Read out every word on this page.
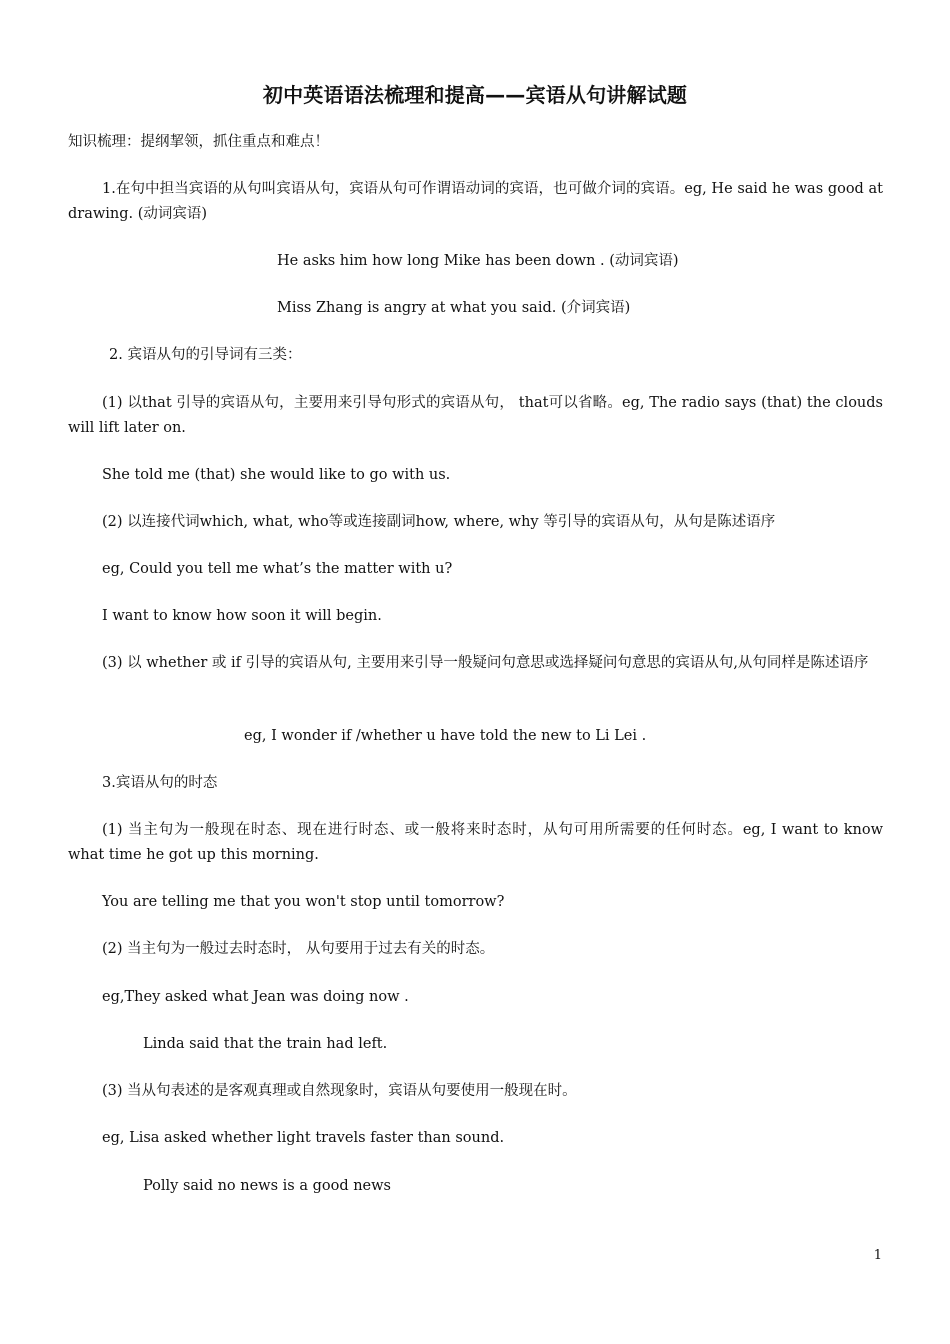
初中英语语法梳理和提高——宾语从句讲解试题
知识梳理：提纲挈领，抓住重点和难点！
1.在句中担当宾语的从句叫宾语从句，宾语从句可作谓语动词的宾语，也可做介词的宾语。eg, He said he was good at drawing. (动词宾语)
He asks him how long Mike has been down . (动词宾语)
Miss Zhang is angry at what you said. (介词宾语)
2. 宾语从句的引导词有三类：
(1) 以that 引导的宾语从句，主要用来引导句形式的宾语从句， that可以省略。eg, The radio says (that) the clouds will lift later on.
She told me (that) she would like to go with us.
(2) 以连接代词which, what, who等或连接副词how, where, why 等引导的宾语从句，从句是陈述语序
eg, Could you tell me what’s the matter with u?
I want to know how soon it will begin.
(3) 以 whether 或 if 引导的宾语从句, 主要用来引导一般疑问句意思或选择疑问句意思的宾语从句,从句同样是陈述语序
eg, I wonder if /whether u have told the new to Li Lei .
3.宾语从句的时态
(1) 当主句为一般现在时态、现在进行时态、或一般将来时态时，从句可用所需要的任何时态。eg, I want to know what time he got up this morning.
You are telling me that you won't stop until tomorrow?
(2) 当主句为一般过去时态时， 从句要用于过去有关的时态。
eg,They asked what Jean was doing now .
Linda said that the train had left.
(3) 当从句表述的是客观真理或自然现象时，宾语从句要使用一般现在时。
eg, Lisa asked whether light travels faster than sound.
Polly said no news is a good news
1
